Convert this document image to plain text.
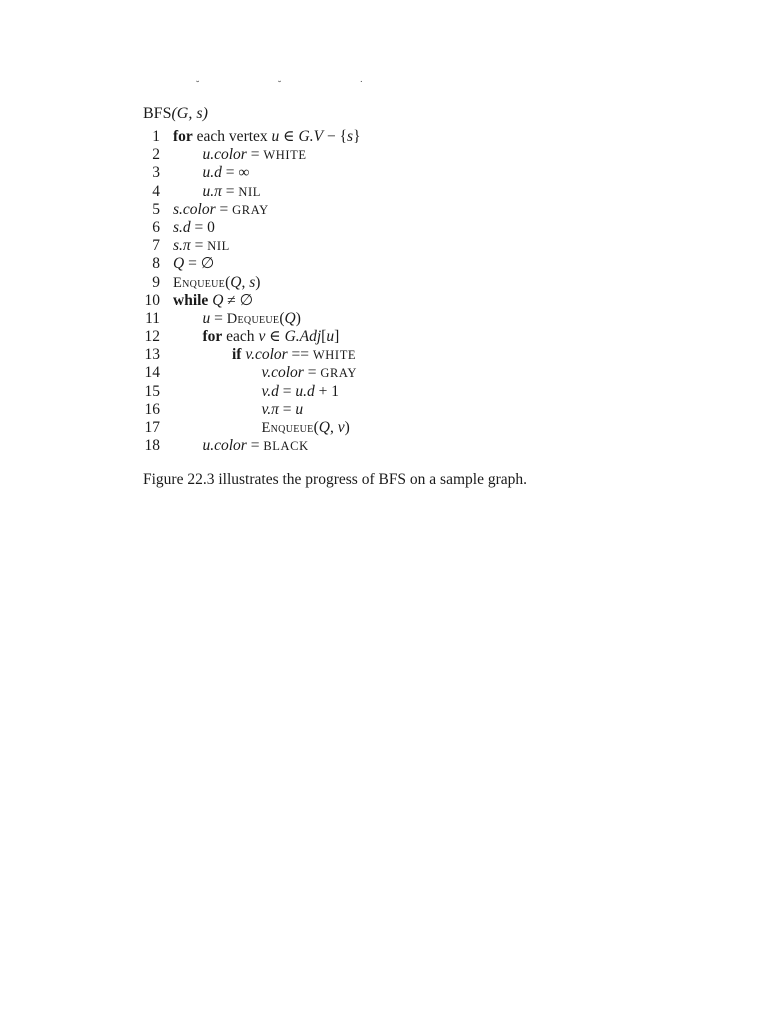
˘ ˘ ˙

BFS(G, s)

1 for each vertex u ∈ G.V − {s}
2	u.color = WHITE
3	u.d = ∞
4	u.π = NIL
5 s.color = GRAY
6 s.d = 0
7 s.π = NIL
8 Q = ∅
9 Enqueue(Q, s)
10 while Q ≠ ∅
11	u = Dequeue(Q)
12	for each v ∈ G.Adj[u]
13	if v.color == WHITE
14	v.color = GRAY
15	v.d = u.d + 1
16	v.π = u
17	Enqueue(Q, v)
18	u.color = BLACK

Figure 22.3 illustrates the progress of BFS on a sample graph.
